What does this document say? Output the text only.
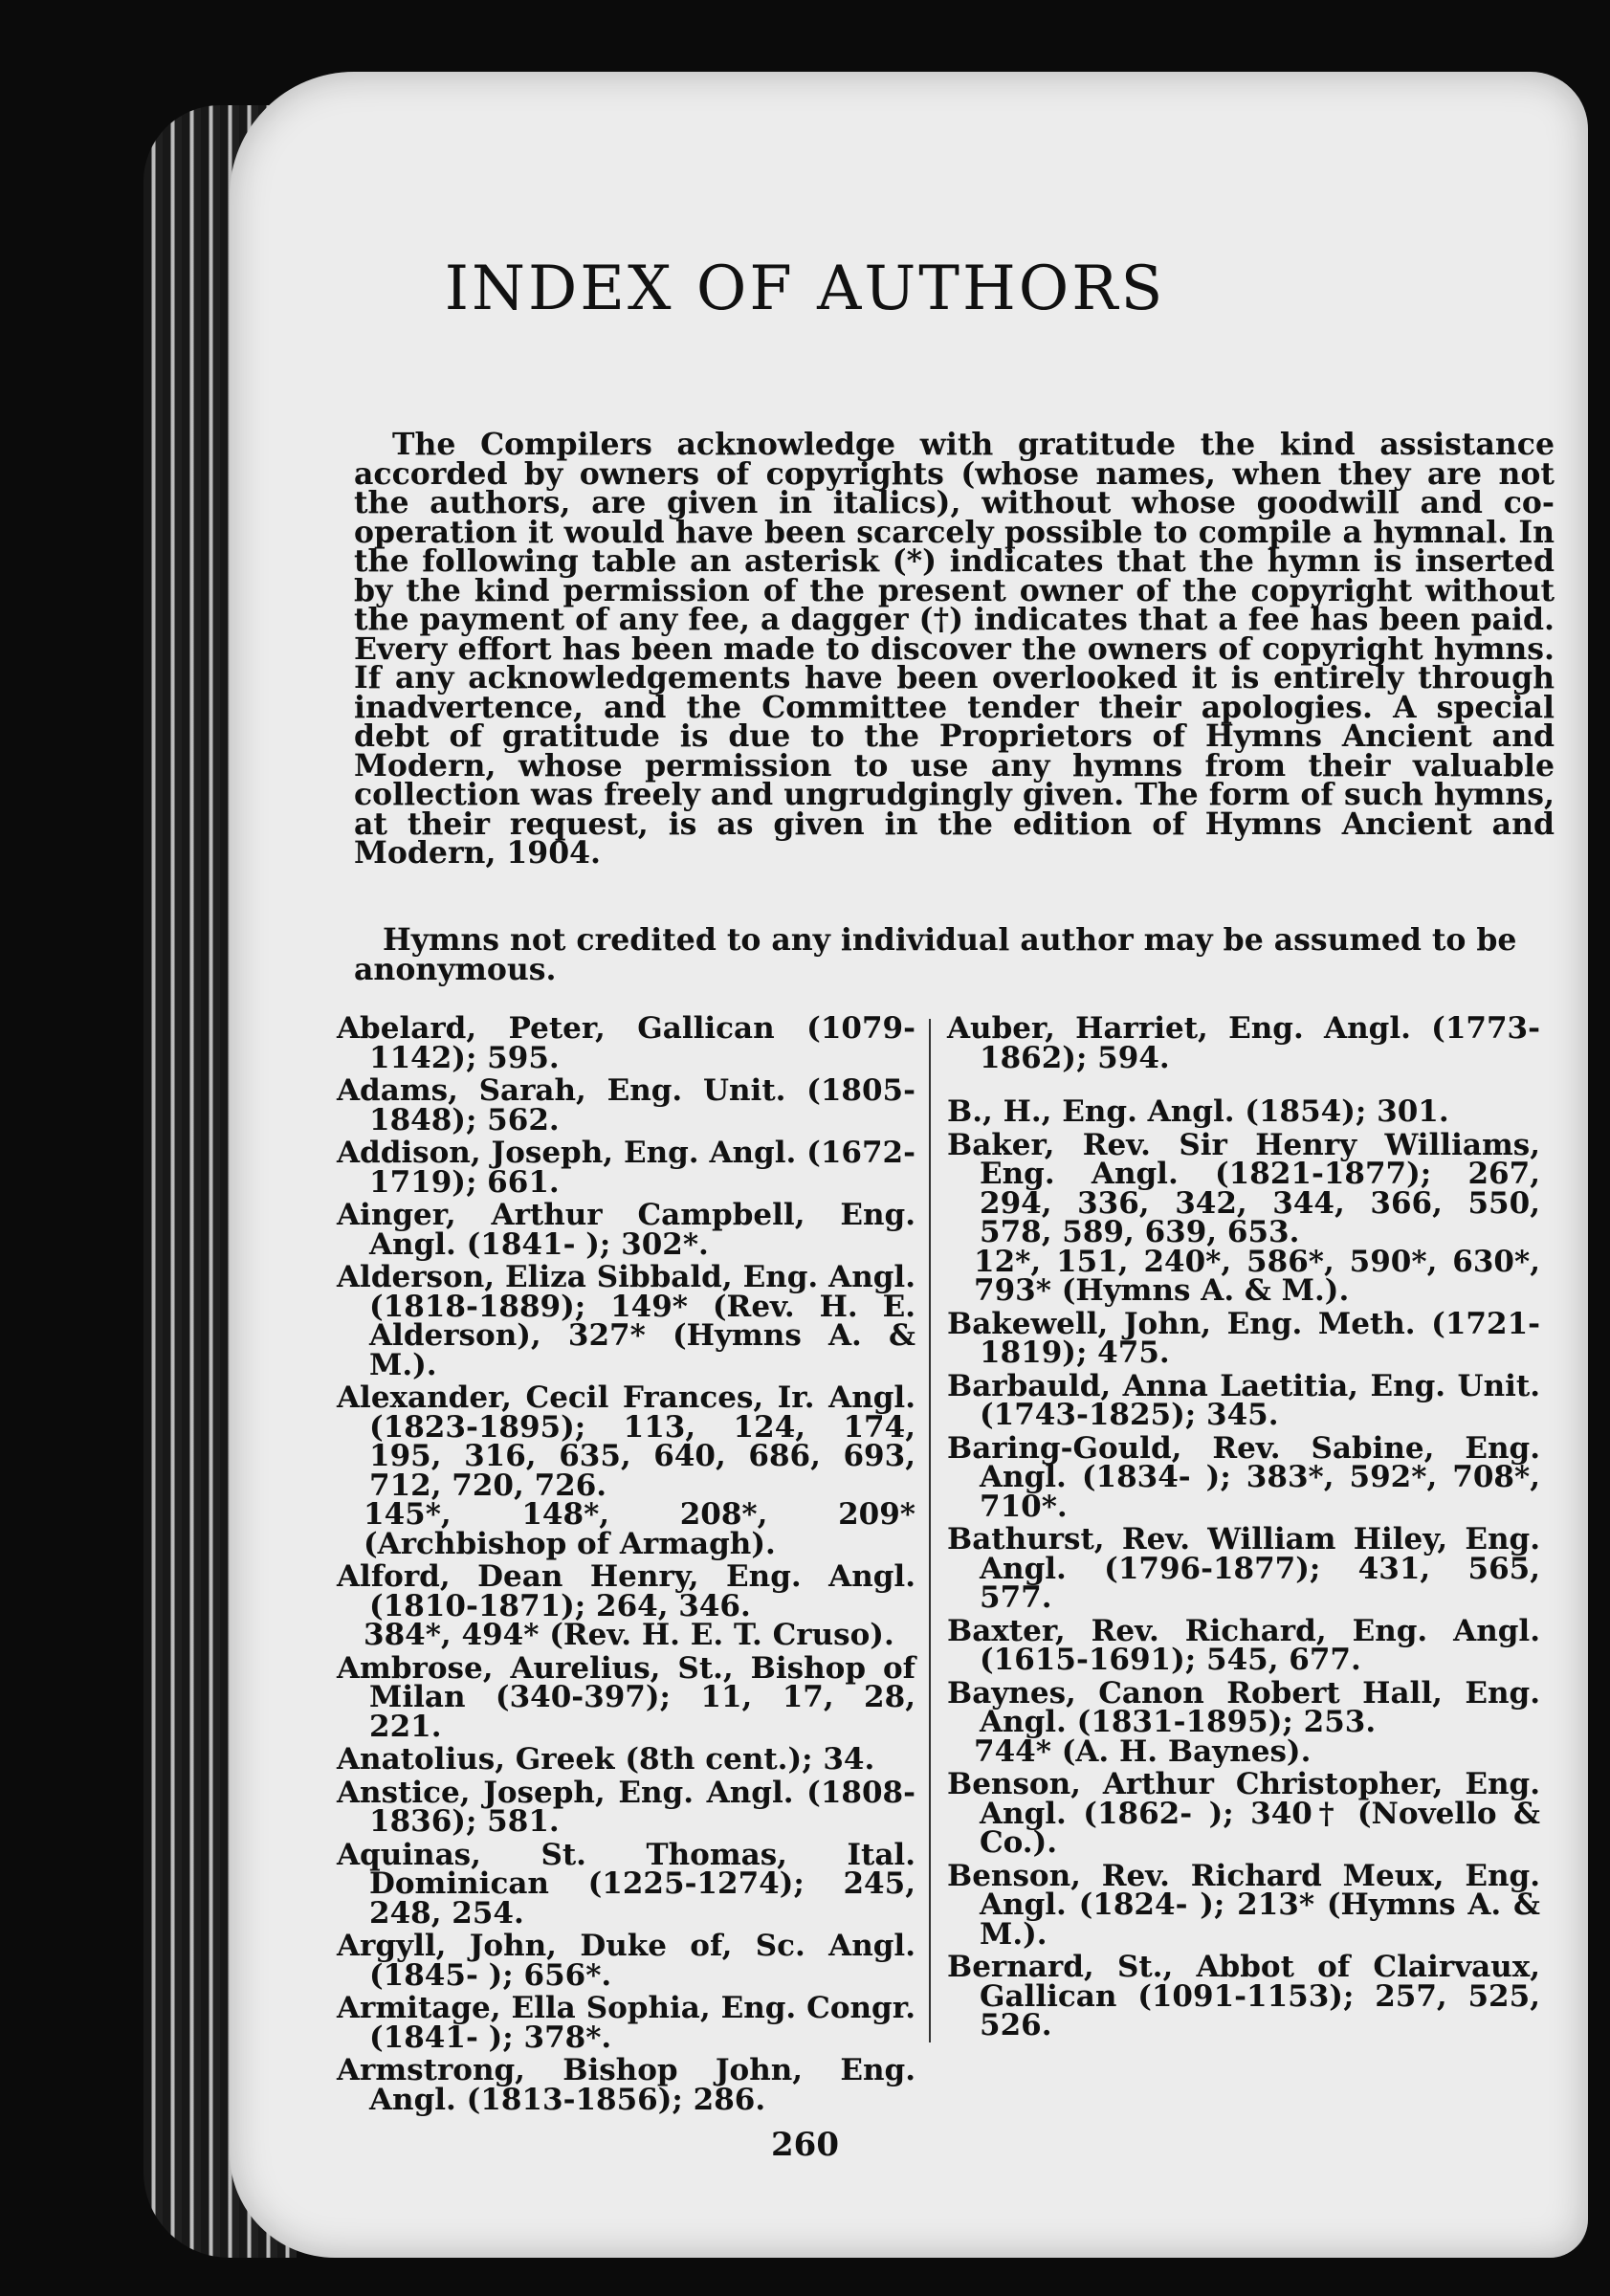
INDEX OF AUTHORS
The Compilers acknowledge with gratitude the kind assistance accorded by owners of copyrights (whose names, when they are not the authors, are given in italics), without whose goodwill and co-operation it would have been scarcely possible to compile a hymnal. In the following table an asterisk (*) indicates that the hymn is inserted by the kind permission of the present owner of the copyright without the payment of any fee, a dagger (†) indicates that a fee has been paid. Every effort has been made to discover the owners of copyright hymns. If any acknowledgements have been overlooked it is entirely through inadvertence, and the Committee tender their apologies. A special debt of gratitude is due to the Proprietors of Hymns Ancient and Modern, whose permission to use any hymns from their valuable collection was freely and ungrudgingly given. The form of such hymns, at their request, is as given in the edition of Hymns Ancient and Modern, 1904.
Hymns not credited to any individual author may be assumed to be anonymous.
Abelard, Peter, Gallican (1079-1142); 595.
Adams, Sarah, Eng. Unit. (1805-1848); 562.
Addison, Joseph, Eng. Angl. (1672-1719); 661.
Ainger, Arthur Campbell, Eng. Angl. (1841- ); 302*.
Alderson, Eliza Sibbald, Eng. Angl. (1818-1889); 149* (Rev. H. E. Alderson), 327* (Hymns A. & M.).
Alexander, Cecil Frances, Ir. Angl. (1823-1895); 113, 124, 174, 195, 316, 635, 640, 686, 693, 712, 720, 726.
145*, 148*, 208*, 209* (Archbishop of Armagh).
Alford, Dean Henry, Eng. Angl. (1810-1871); 264, 346.
384*, 494* (Rev. H. E. T. Cruso).
Ambrose, Aurelius, St., Bishop of Milan (340-397); 11, 17, 28, 221.
Anatolius, Greek (8th cent.); 34.
Anstice, Joseph, Eng. Angl. (1808-1836); 581.
Aquinas, St. Thomas, Ital. Dominican (1225-1274); 245, 248, 254.
Argyll, John, Duke of, Sc. Angl. (1845- ); 656*.
Armitage, Ella Sophia, Eng. Congr. (1841- ); 378*.
Armstrong, Bishop John, Eng. Angl. (1813-1856); 286.
Auber, Harriet, Eng. Angl. (1773-1862); 594.
B., H., Eng. Angl. (1854); 301.
Baker, Rev. Sir Henry Williams, Eng. Angl. (1821-1877); 267, 294, 336, 342, 344, 366, 550, 578, 589, 639, 653.
12*, 151, 240*, 586*, 590*, 630*, 793* (Hymns A. & M.).
Bakewell, John, Eng. Meth. (1721-1819); 475.
Barbauld, Anna Laetitia, Eng. Unit. (1743-1825); 345.
Baring-Gould, Rev. Sabine, Eng. Angl. (1834- ); 383*, 592*, 708*, 710*.
Bathurst, Rev. William Hiley, Eng. Angl. (1796-1877); 431, 565, 577.
Baxter, Rev. Richard, Eng. Angl. (1615-1691); 545, 677.
Baynes, Canon Robert Hall, Eng. Angl. (1831-1895); 253.
744* (A. H. Baynes).
Benson, Arthur Christopher, Eng. Angl. (1862- ); 340† (Novello & Co.).
Benson, Rev. Richard Meux, Eng. Angl. (1824- ); 213* (Hymns A. & M.).
Bernard, St., Abbot of Clairvaux, Gallican (1091-1153); 257, 525, 526.
260
